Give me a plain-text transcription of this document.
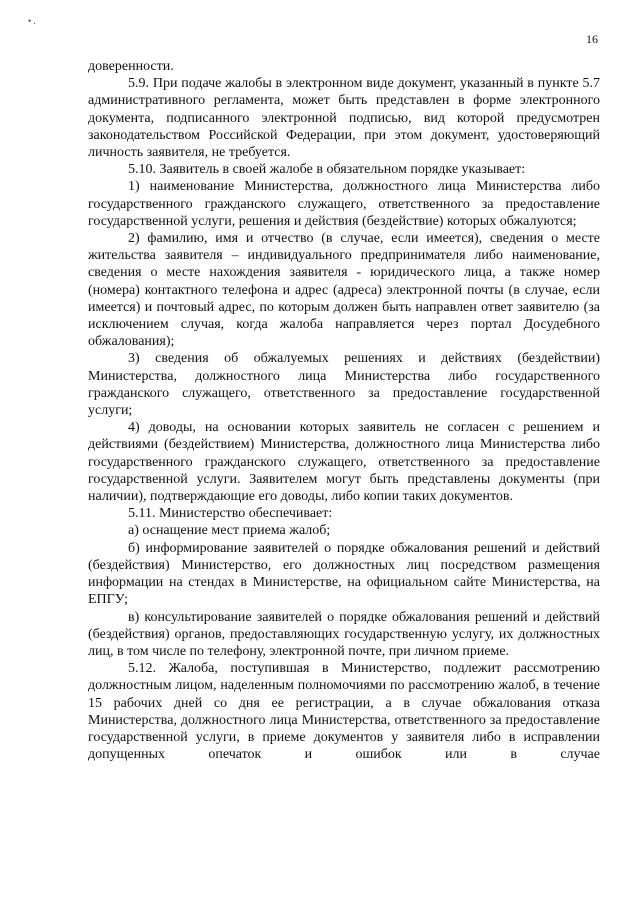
• .
16

доверенности.

5.9. При подаче жалобы в электронном виде документ, указанный в пункте 5.7 административного регламента, может быть представлен в форме электронного документа, подписанного электронной подписью, вид которой предусмотрен законодательством Российской Федерации, при этом документ, удостоверяющий личность заявителя, не требуется.

5.10. Заявитель в своей жалобе в обязательном порядке указывает:

1) наименование Министерства, должностного лица Министерства либо государственного гражданского служащего, ответственного за предоставление государственной услуги, решения и действия (бездействие) которых обжалуются;

2) фамилию, имя и отчество (в случае, если имеется), сведения о месте жительства заявителя – индивидуального предпринимателя либо наименование, сведения о месте нахождения заявителя - юридического лица, а также номер (номера) контактного телефона и адрес (адреса) электронной почты (в случае, если имеется) и почтовый адрес, по которым должен быть направлен ответ заявителю (за исключением случая, когда жалоба направляется через портал Досудебного обжалования);

3) сведения об обжалуемых решениях и действиях (бездействии) Министерства, должностного лица Министерства либо государственного гражданского служащего, ответственного за предоставление государственной услуги;

4) доводы, на основании которых заявитель не согласен с решением и действиями (бездействием) Министерства, должностного лица Министерства либо государственного гражданского служащего, ответственного за предоставление государственной услуги. Заявителем могут быть представлены документы (при наличии), подтверждающие его доводы, либо копии таких документов.

5.11. Министерство обеспечивает:

а) оснащение мест приема жалоб;

б) информирование заявителей о порядке обжалования решений и действий (бездействия) Министерство, его должностных лиц посредством размещения информации на стендах в Министерстве, на официальном сайте Министерства, на ЕПГУ;

в) консультирование заявителей о порядке обжалования решений и действий (бездействия) органов, предоставляющих государственную услугу, их должностных лиц, в том числе по телефону, электронной почте, при личном приеме.

5.12. Жалоба, поступившая в Министерство, подлежит рассмотрению должностным лицом, наделенным полномочиями по рассмотрению жалоб, в течение 15 рабочих дней со дня ее регистрации, а в случае обжалования отказа Министерства, должностного лица Министерства, ответственного за предоставление государственной услуги, в приеме документов у заявителя либо в исправлении допущенных опечаток и ошибок или в случае
